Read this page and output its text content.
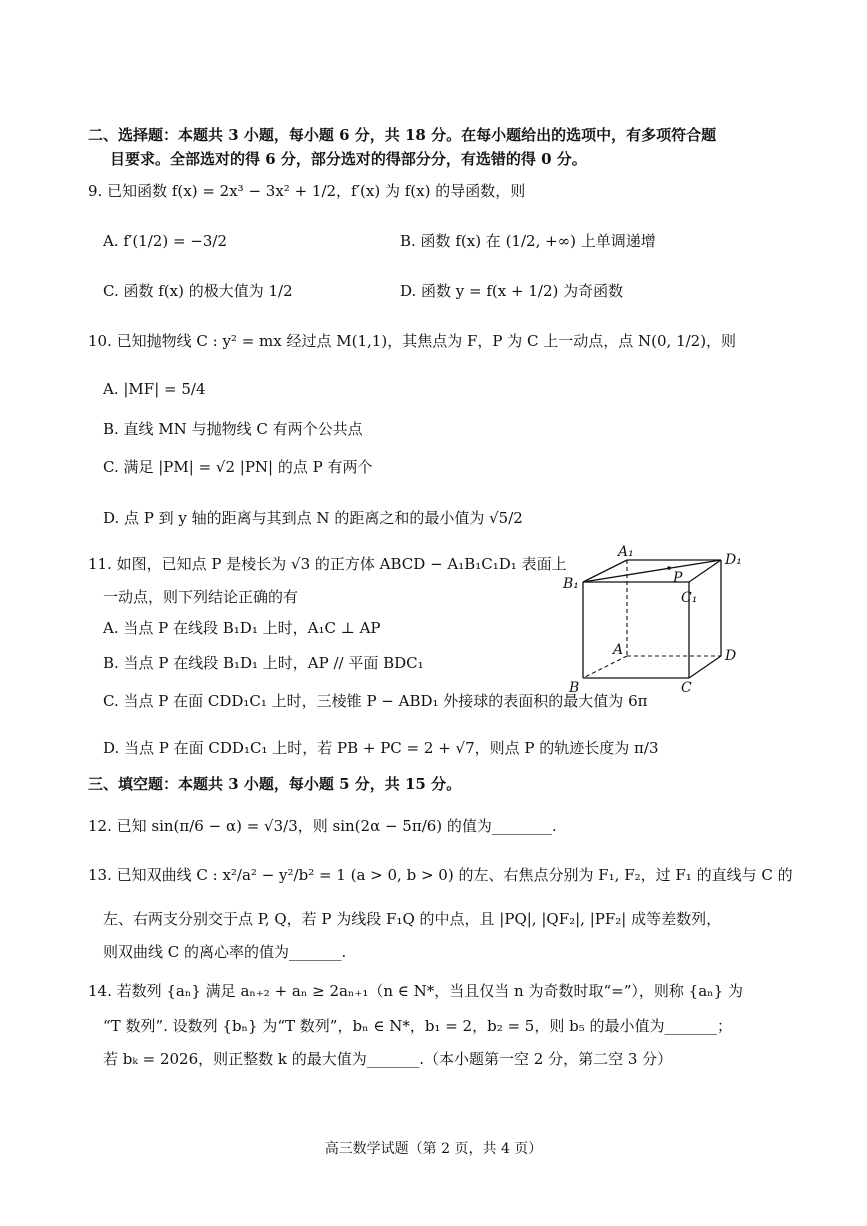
二、选择题：本题共 3 小题，每小题 6 分，共 18 分。在每小题给出的选项中，有多项符合题
目要求。全部选对的得 6 分，部分选对的得部分分，有选错的得 0 分。
9. 已知函数 f(x) = 2x³ − 3x² + 1/2，f′(x) 为 f(x) 的导函数，则
A. f′(1/2) = −3/2	B. 函数 f(x) 在 (1/2, +∞) 上单调递增
C. 函数 f(x) 的极大值为 1/2	D. 函数 y = f(x + 1/2) 为奇函数
10. 已知抛物线 C : y² = mx 经过点 M(1,1)，其焦点为 F，P 为 C 上一动点，点 N(0, 1/2)，则
A. |MF| = 5/4
B. 直线 MN 与抛物线 C 有两个公共点
C. 满足 |PM| = √2 |PN| 的点 P 有两个
D. 点 P 到 y 轴的距离与其到点 N 的距离之和的最小值为 √5/2
11. 如图，已知点 P 是棱长为 √3 的正方体 ABCD − A₁B₁C₁D₁ 表面上
一动点，则下列结论正确的有
A. 当点 P 在线段 B₁D₁ 上时，A₁C ⊥ AP
B. 当点 P 在线段 B₁D₁ 上时，AP // 平面 BDC₁
C. 当点 P 在面 CDD₁C₁ 上时，三棱锥 P − ABD₁ 外接球的表面积的最大值为 6π
D. 当点 P 在面 CDD₁C₁ 上时，若 PB + PC = 2 + √7，则点 P 的轨迹长度为 π/3
A₁	D₁
B₁
C₁
P
A	D
B	C
三、填空题：本题共 3 小题，每小题 5 分，共 15 分。
12. 已知 sin(π/6 − α) = √3/3，则 sin(2α − 5π/6) 的值为________.
13. 已知双曲线 C : x²/a² − y²/b² = 1 (a > 0, b > 0) 的左、右焦点分别为 F₁, F₂，过 F₁ 的直线与 C 的
左、右两支分别交于点 P, Q，若 P 为线段 F₁Q 的中点，且 |PQ|, |QF₂|, |PF₂| 成等差数列，
则双曲线 C 的离心率的值为_______.
14. 若数列 {aₙ} 满足 aₙ₊₂ + aₙ ≥ 2aₙ₊₁（n ∈ N*，当且仅当 n 为奇数时取“=”），则称 {aₙ} 为
“T 数列”. 设数列 {bₙ} 为“T 数列”，bₙ ∈ N*，b₁ = 2，b₂ = 5，则 b₅ 的最小值为_______；
若 bₖ = 2026，则正整数 k 的最大值为_______.（本小题第一空 2 分，第二空 3 分）
高三数学试题（第 2 页，共 4 页）
